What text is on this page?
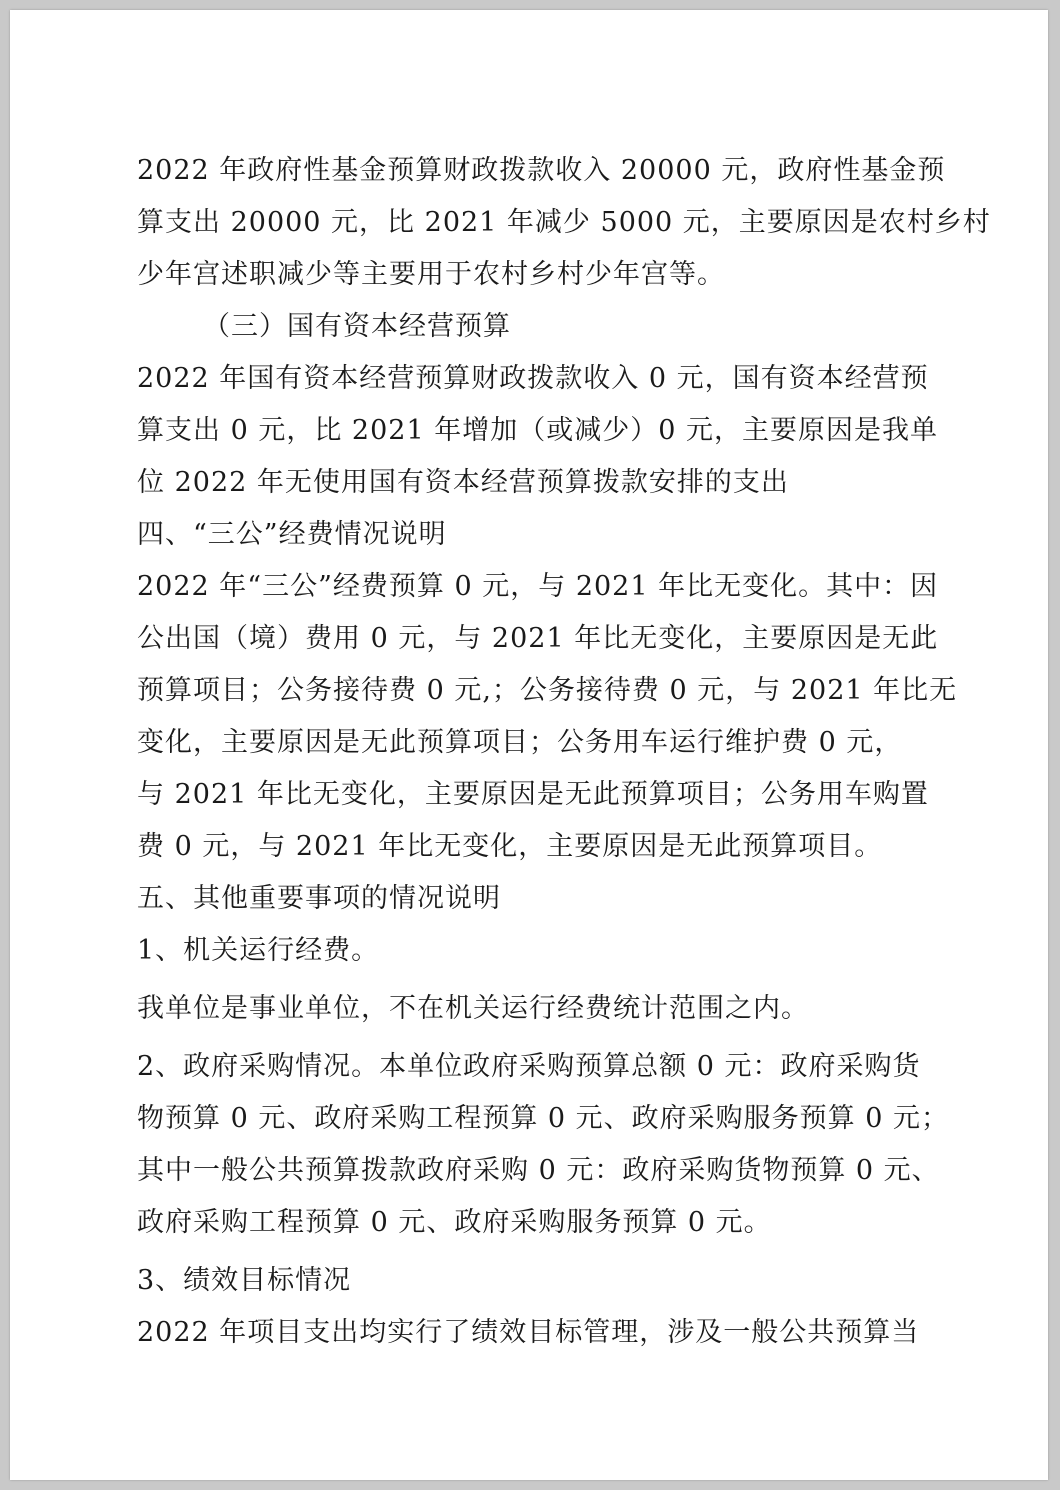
2022 年政府性基金预算财政拨款收入 20000 元，政府性基金预
算支出 20000 元，比 2021 年减少 5000 元，主要原因是农村乡村
少年宫述职减少等主要用于农村乡村少年宫等。
（三）国有资本经营预算
2022 年国有资本经营预算财政拨款收入 0 元，国有资本经营预
算支出 0 元，比 2021 年增加（或减少）0 元，主要原因是我单
位 2022 年无使用国有资本经营预算拨款安排的支出
四、“三公”经费情况说明
2022 年“三公”经费预算 0 元，与 2021 年比无变化。其中：因
公出国（境）费用 0 元，与 2021 年比无变化，主要原因是无此
预算项目；公务接待费 0 元,；公务接待费 0 元，与 2021 年比无
变化，主要原因是无此预算项目；公务用车运行维护费 0 元，
与 2021 年比无变化，主要原因是无此预算项目；公务用车购置
费 0 元，与 2021 年比无变化，主要原因是无此预算项目。
五、其他重要事项的情况说明
1、机关运行经费。
我单位是事业单位，不在机关运行经费统计范围之内。
2、政府采购情况。本单位政府采购预算总额 0 元：政府采购货
物预算 0 元、政府采购工程预算 0 元、政府采购服务预算 0 元；
其中一般公共预算拨款政府采购 0 元：政府采购货物预算 0 元、
政府采购工程预算 0 元、政府采购服务预算 0 元。
3、绩效目标情况
2022 年项目支出均实行了绩效目标管理，涉及一般公共预算当
